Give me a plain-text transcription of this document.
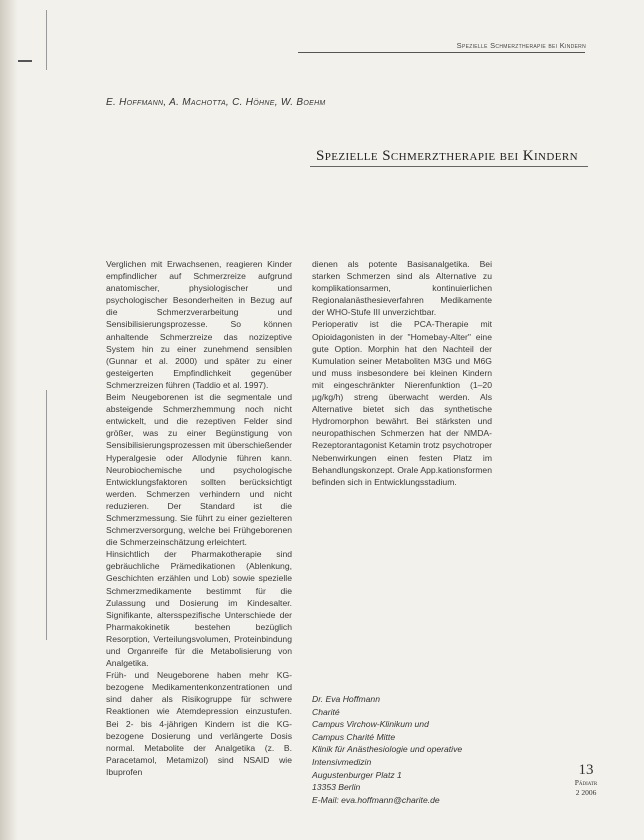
Spezielle Schmerztherapie bei Kindern
E. Hoffmann, A. Machotta, C. Höhne, W. Boehm
Spezielle Schmerztherapie bei Kindern

Verglichen mit Erwachsenen, reagieren Kinder empfindlicher auf Schmerzreize aufgrund anatomischer, physiologischer und psychologischer Besonderheiten in Bezug auf die Schmerzverarbeitung und Sensibilisierungsprozesse. So können anhaltende Schmerzreize das nozizeptive System hin zu einer zunehmend sensiblen (Gunnar et al. 2000) und später zu einer gesteigerten Empfindlichkeit gegenüber Schmerzreizen führen (Taddio et al. 1997).

Beim Neugeborenen ist die segmentale und absteigende Schmerzhemmung noch nicht entwickelt, und die rezeptiven Felder sind größer, was zu einer Begünstigung von Sensibilisierungsprozessen mit überschießender Hyperalgesie oder Allodynie führen kann. Neurobiochemische und psychologische Entwicklungsfaktoren sollten berücksichtigt werden. Schmerzen verhindern und nicht reduzieren. Der Standard ist die Schmerzmessung. Sie führt zu einer gezielteren Schmerzversorgung, welche bei Frühgeborenen die Schmerzeinschätzung erleichtert.

Hinsichtlich der Pharmakotherapie sind gebräuchliche Prämedikationen (Ablenkung, Geschichten erzählen und Lob) sowie spezielle Schmerzmedikamente bestimmt für die Zulassung und Dosierung im Kindesalter. Signifikante, altersspezifische Unterschiede der Pharmakokinetik bestehen bezüglich Resorption, Verteilungsvolumen, Proteinbindung und Organreife für die Metabolisierung von Analgetika.

Früh- und Neugeborene haben mehr KG-bezogene Medikamentenkonzentrationen und sind daher als Risikogruppe für schwere Reaktionen wie Atemdepression einzustufen. Bei 2- bis 4-jährigen Kindern ist die KG-bezogene Dosierung und verlängerte Dosis normal. Metabolite der Analgetika (z. B. Paracetamol, Metamizol) sind NSAID wie Ibuprofen

dienen als potente Basisanalgetika. Bei starken Schmerzen sind als Alternative zu komplikationsarmen, kontinuierlichen Regionalanästhesieverfahren Medikamente der WHO-Stufe III unverzichtbar.

Perioperativ ist die PCA-Therapie mit Opioidagonisten in der "Homebay-Alter" eine gute Option. Morphin hat den Nachteil der Kumulation seiner Metaboliten M3G und M6G und muss insbesondere bei kleinen Kindern mit eingeschränkter Nierenfunktion (1–20 µg/kg/h) streng überwacht werden. Als Alternative bietet sich das synthetische Hydromorphon bewährt. Bei stärksten und neuropathischen Schmerzen hat der NMDA-Rezeptorantagonist Ketamin trotz psychotroper Nebenwirkungen einen festen Platz im Behandlungskonzept. Orale App.kationsformen befinden sich in Entwicklungsstadium.

Dr. Eva Hoffmann
Charité
Campus Virchow-Klinikum und
Campus Charité Mitte
Klinik für Anästhesiologie und operative
Intensivmedizin
Augustenburger Platz 1
13353 Berlin
E-Mail: eva.hoffmann@charite.de
13
Pädiatr
2 2006
